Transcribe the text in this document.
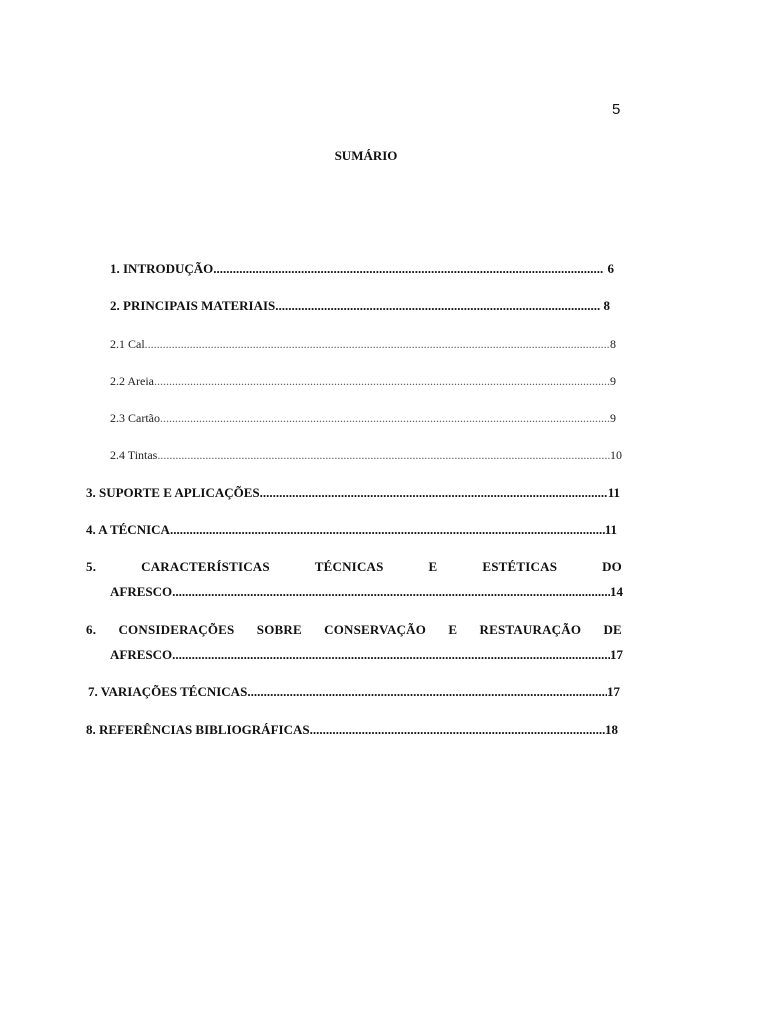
5
SUMÁRIO
1. INTRODUÇÃO .....	6
2. PRINCIPAIS MATERIAIS .....	8
2.1 Cal .....	8
2.2 Areia .....	9
2.3 Cartão .....	9
2.4 Tintas .....	10
3. SUPORTE E APLICAÇÕES .....	11
4. A TÉCNICA .....	11
5.	CARACTERÍSTICAS	TÉCNICAS	E	ESTÉTICAS	DO
AFRESCO .....	14
6. CONSIDERAÇÕES SOBRE CONSERVAÇÃO E RESTAURAÇÃO DE
AFRESCO .....	17
7. VARIAÇÕES TÉCNICAS .....	17
8. REFERÊNCIAS BIBLIOGRÁFICAS .....	18
